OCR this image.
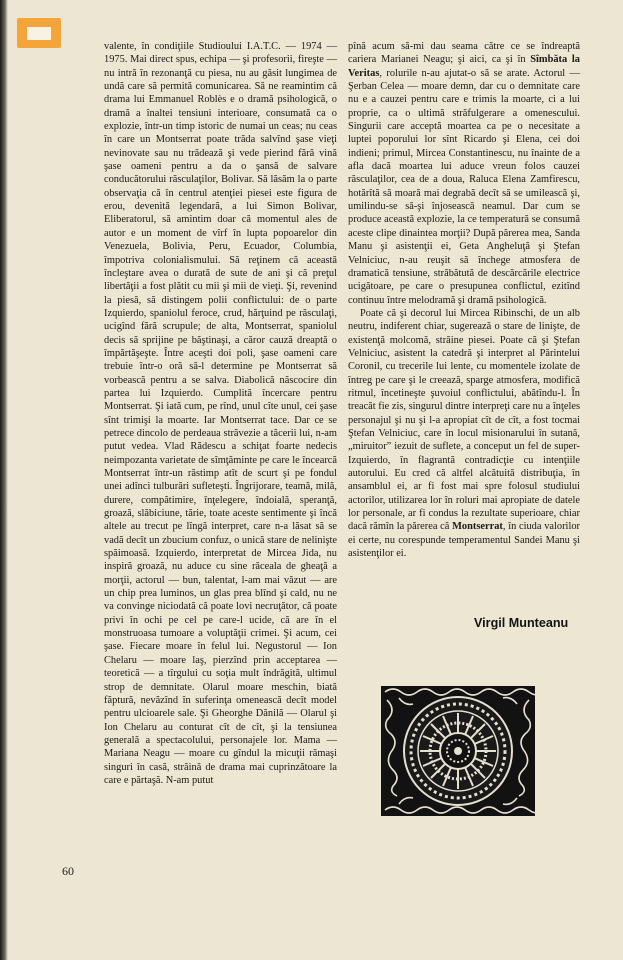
valente, în condiţiile Studioului I.A.T.C. — 1974 — 1975. Mai direct spus, echipa — şi profesorii, fireşte — nu intră în rezonanţă cu piesa, nu au găsit lungimea de undă care să permită comunicarea. Să ne reamintim că drama lui Emmanuel Roblès e o dramă psihologică, o dramă a înaltei tensiuni interioare, consumată ca o explozie, într-un timp istoric de numai un ceas; nu ceas în care un Montserrat poate trăda salvînd şase vieţi nevinovate sau nu trădează şi vede pierind fără vină şase oameni pentru a da o şansă de salvare conducătorului răsculaţilor, Bolivar. Să lăsăm la o parte observaţia că în centrul atenţiei piesei este figura de erou, devenită legendară, a lui Simon Bolivar, Eliberatorul, să amintim doar că momentul ales de autor e un moment de vîrf în lupta popoarelor din Venezuela, Bolivia, Peru, Ecuador, Columbia, împotriva colonialismului. Să reţinem că această încleştare avea o durată de sute de ani şi că preţul libertăţii a fost plătit cu mii şi mii de vieţi. Şi, revenind la piesă, să distingem polii conflictului: de o parte Izquierdo, spaniolul feroce, crud, hărţuind pe răsculaţi, ucigînd fără scrupule; de alta, Montserrat, spaniolul decis să sprijine pe băştinaşi, a căror cauză dreaptă o împărtăşeşte. Între aceşti doi poli, şase oameni care trebuie într-o oră să-l determine pe Montserrat să vorbească pentru a se salva. Diabolică născocire din partea lui Izquierdo. Cumplită încercare pentru Montserrat. Şi iată cum, pe rînd, unul cîte unul, cei şase sînt trimişi la moarte. Iar Montserrat tace. Dar ce se petrece dincolo de perdeaua străvezie a tăcerii lui, n-am putut vedea. Vlad Rădescu a schiţat foarte nedecis neimpozanta varietate de sîmţăminte pe care le încearcă Montserrat într-un răstimp atît de scurt şi pe fondul unei adînci tulburări sufleteşti. Îngrijorare, teamă, milă, durere, compătimire, înţelegere, îndoială, speranţă, groază, slăbiciune, tărie, toate aceste sentimente şi încă altele au trecut pe lîngă interpret, care n-a lăsat să se vadă decît un zbucium confuz, o unică stare de nelinişte spăimoasă. Izquierdo, interpretat de Mircea Jida, nu inspiră groază, nu aduce cu sine răceala de gheaţă a morţii, actorul — bun, talentat, l-am mai văzut — are un chip prea luminos, un glas prea blînd şi cald, nu ne va convinge niciodată că poate lovi necruţător, că poate privi în ochi pe cel pe care-l ucide, că are în el monstruoasa tumoare a voluptăţii crimei. Şi acum, cei şase. Fiecare moare în felul lui. Negustorul — Ion Chelaru — moare laş, pierzînd prin acceptarea — teoretică — a tîrgului cu soţia mult îndrăgită, ultimul strop de demnitate. Olarul moare meschin, biată făptură, nevăzînd în suferinţa omenească decît model pentru ulcioarele sale. Şi Gheorghe Dănilă — Olarul şi Ion Chelaru au conturat cît de cît, şi la tensiunea generală a spectacolului, personajele lor. Mama — Mariana Neagu — moare cu gîndul la micuţii rămaşi singuri în casă, străină de drama mai cuprinzătoare la care e părtaşă. N-am putut

pînă acum să-mi dau seama către ce se îndreaptă cariera Marianei Neagu; şi aici, ca şi în Sîmbăta la Veritas, rolurile n-au ajutat-o să se arate. Actorul — Şerban Celea — moare demn, dar cu o demnitate care nu e a cauzei pentru care e trimis la moarte, ci a lui proprie, ca o ultimă străfulgerare a omenescului. Singurii care acceptă moartea ca pe o necesitate a luptei poporului lor sînt Ricardo şi Elena, cei doi indieni; primul, Mircea Constantinescu, nu înainte de a afla dacă moartea lui aduce vreun folos cauzei răsculaţilor, cea de a doua, Raluca Elena Zamfirescu, hotărîtă să moară mai degrabă decît să se umilească şi, umilindu-se să-şi înjosească neamul. Dar cum se produce această explozie, la ce temperatură se consumă aceste clipe dinaintea morţii? După părerea mea, Sanda Manu şi asistenţii ei, Geta Angheluţă şi Ştefan Velniciuc, n-au reuşit să închege atmosfera de dramatică tensiune, străbătută de descărcările electrice ucigătoare, pe care o presupunea conflictul, ezitînd continuu între melodramă şi dramă psihologică.

Poate că şi decorul lui Mircea Ribinschi, de un alb neutru, indiferent chiar, sugerează o stare de linişte, de existenţă molcomă, străine piesei. Poate că şi Ştefan Velniciuc, asistent la catedră şi interpret al Părintelui Coronil, cu trecerile lui lente, cu momentele izolate de întreg pe care şi le creează, sparge atmosfera, modifică ritmul, încetineşte şuvoiul conflictului, abătîndu-l. În treacăt fie zis, singurul dintre interpreţi care nu a înţeles personajul şi nu şi l-a apropiat cît de cît, a fost tocmai Ştefan Velniciuc, care în locul misionarului în sutană, „miruitor” iezuit de suflete, a conceput un fel de super-Izquierdo, în flagrantă contradicţie cu intenţiile autorului. Eu cred că altfel alcătuită distribuţia, în ansamblul ei, ar fi fost mai spre folosul studiului actorilor, utilizarea lor în roluri mai apropiate de datele lor personale, ar fi condus la rezultate superioare, chiar dacă rămîn la părerea că Montserrat, în ciuda valorilor ei certe, nu corespunde temperamentul Sandei Manu şi asistenţilor ei.

Virgil Munteanu
60
